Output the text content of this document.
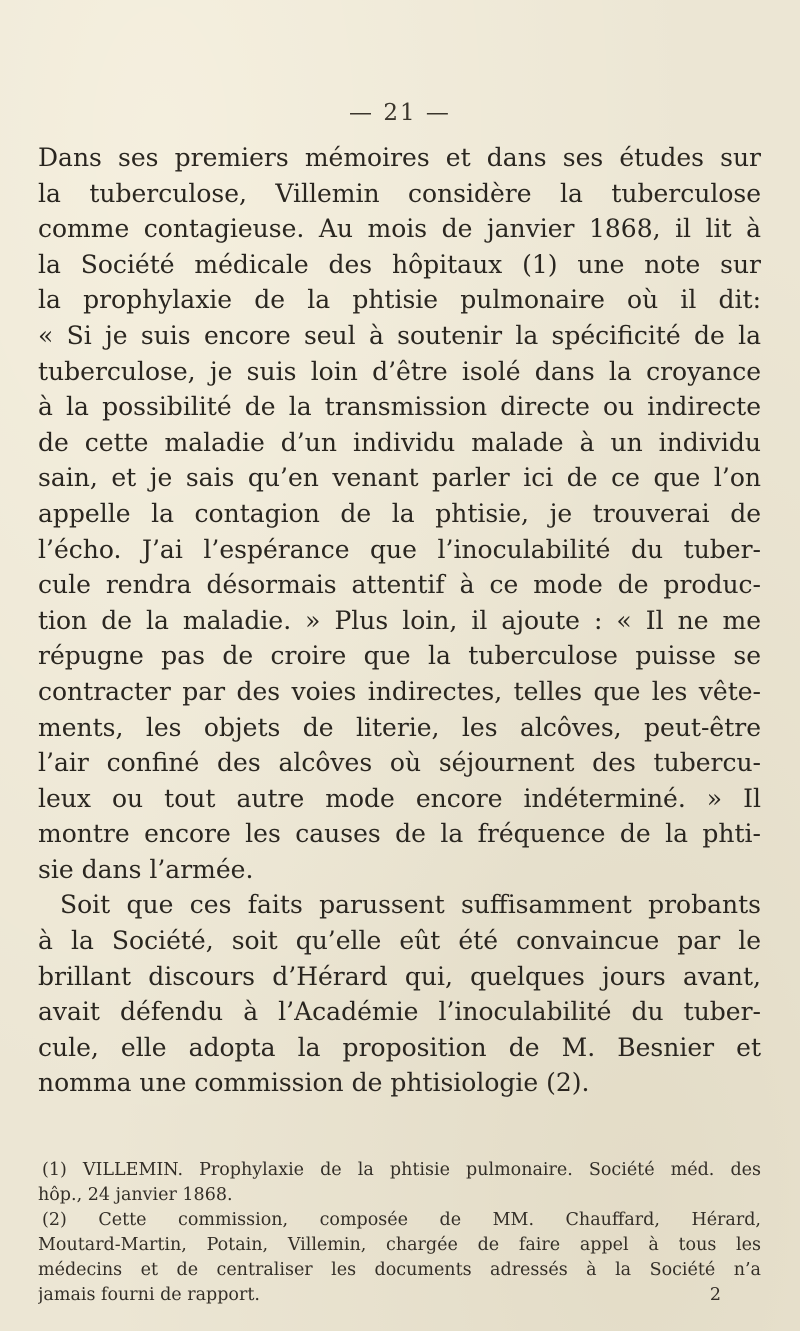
— 21 —
Dans ses premiers mémoires et dans ses études sur
la tuberculose, Villemin considère la tuberculose
comme contagieuse. Au mois de janvier 1868, il lit à
la Société médicale des hôpitaux (1) une note sur
la prophylaxie de la phtisie pulmonaire où il dit:
« Si je suis encore seul à soutenir la spécificité de la
tuberculose, je suis loin d’être isolé dans la croyance
à la possibilité de la transmission directe ou indirecte
de cette maladie d’un individu malade à un individu
sain, et je sais qu’en venant parler ici de ce que l’on
appelle la contagion de la phtisie, je trouverai de
l’écho. J’ai l’espérance que l’inoculabilité du tuber-
cule rendra désormais attentif à ce mode de produc-
tion de la maladie. » Plus loin, il ajoute : « Il ne me
répugne pas de croire que la tuberculose puisse se
contracter par des voies indirectes, telles que les vête-
ments, les objets de literie, les alcôves, peut-être
l’air confiné des alcôves où séjournent des tubercu-
leux ou tout autre mode encore indéterminé. » Il
montre encore les causes de la fréquence de la phti-
sie dans l’armée.
Soit que ces faits parussent suffisamment probants
à la Société, soit qu’elle eût été convaincue par le
brillant discours d’Hérard qui, quelques jours avant,
avait défendu à l’Académie l’inoculabilité du tuber-
cule, elle adopta la proposition de M. Besnier et
nomma une commission de phtisiologie (2).
(1) VILLEMIN. Prophylaxie de la phtisie pulmonaire. Société méd. des
hôp., 24 janvier 1868.
(2) Cette commission, composée de MM. Chauffard, Hérard,
Moutard-Martin, Potain, Villemin, chargée de faire appel à tous les
médecins et de centraliser les documents adressés à la Société n’a
jamais fourni de rapport.	2
